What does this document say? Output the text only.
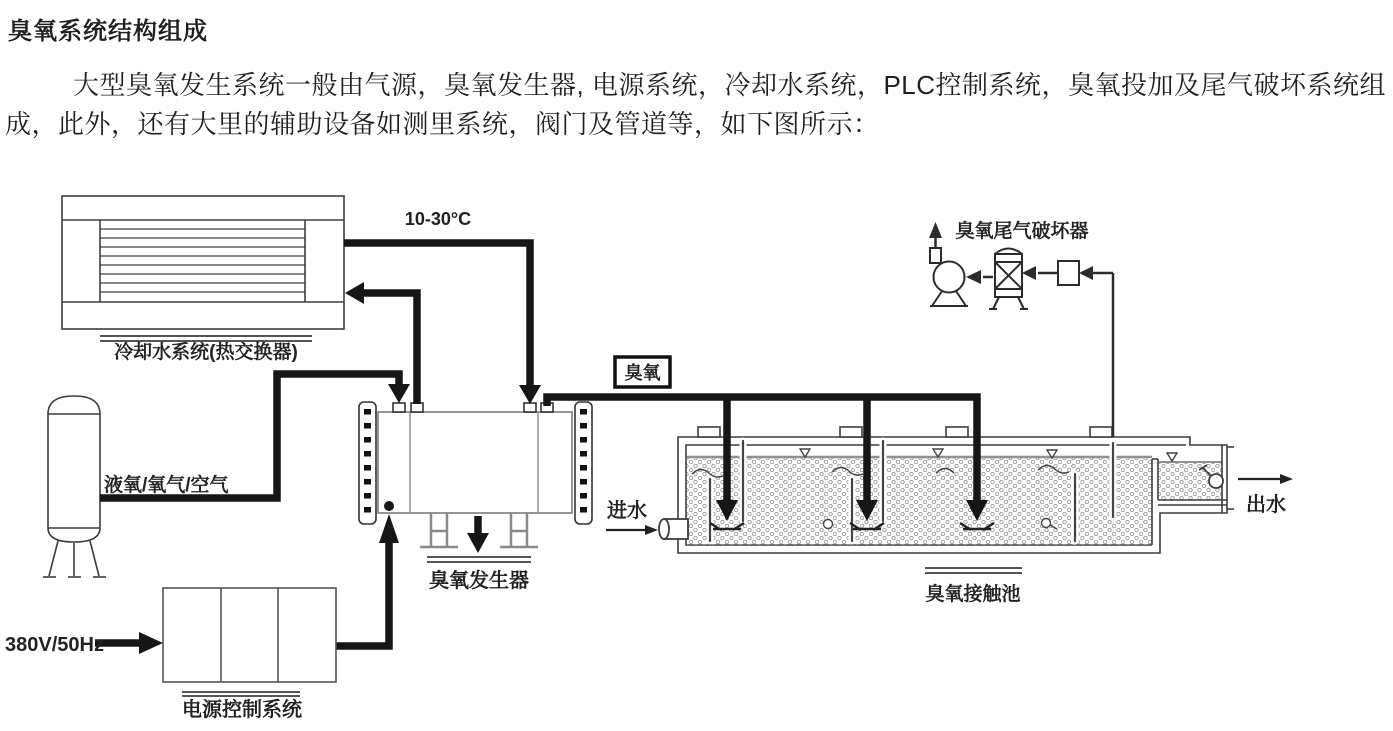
臭氧系统结构组成
大型臭氧发生系统一般由气源，臭氧发生器, 电源系统，冷却水系统，PLC控制系统，臭氧投加及尾气破坏系统组成，此外，还有大里的辅助设备如测里系统，阀门及管道等，如下图所示：
冷却水系统(热交换器)
10-30°C
液氧/氧气/空气
臭氧发生器
臭氧接触池
臭氧
进水	出水
臭氧尾气破坏器
电源控制系统
380V/50Hz
